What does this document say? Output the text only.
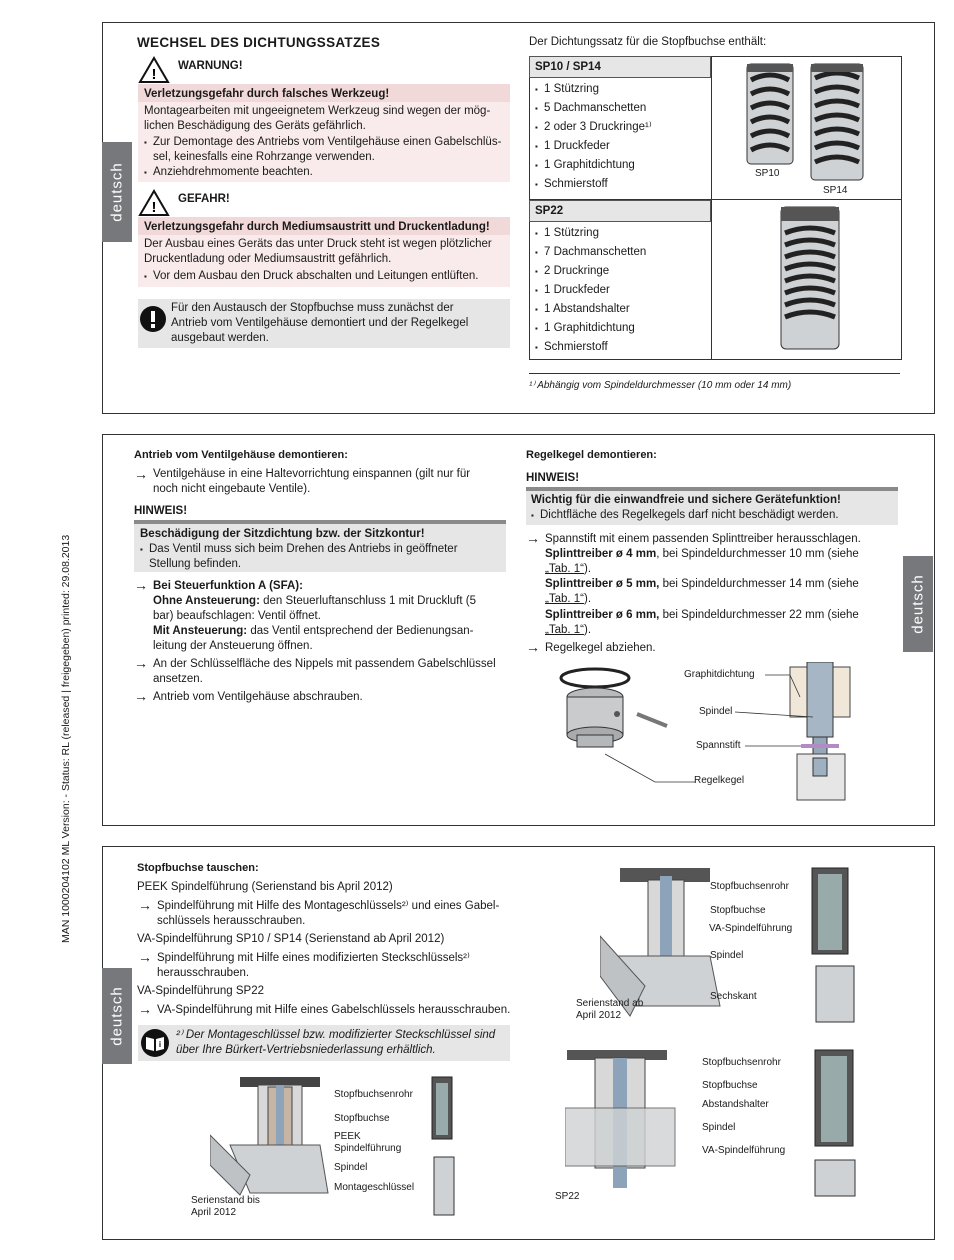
MAN 1000204102 ML Version: - Status: RL (released | freigegeben) printed: 29.08.2013
deutsch
WECHSEL DES DICHTUNGSSATZES
! WARNUNG!
Verletzungsgefahr durch falsches Werkzeug!
Montagearbeiten mit ungeeignetem Werkzeug sind wegen der möglichen Beschädigung des Geräts gefährlich.
▪ Zur Demontage des Antriebs vom Ventilgehäuse einen Gabelschlüssel, keinesfalls eine Rohrzange verwenden.
▪ Anziehdrehmomente beachten.
! GEFAHR!
Verletzungsgefahr durch Mediumsaustritt und Druckentladung!
Der Ausbau eines Geräts das unter Druck steht ist wegen plötzlicher Druckentladung oder Mediumsaustritt gefährlich.
▪ Vor dem Ausbau den Druck abschalten und Leitungen entlüften.
Für den Austausch der Stopfbuchse muss zunächst der Antrieb vom Ventilgehäuse demontiert und der Regelkegel ausgebaut werden.
Der Dichtungssatz für die Stopfbuchse enthält:
SP10 / SP14
▪ 1 Stützring
▪ 5 Dachmanschetten
▪ 2 oder 3 Druckringe¹⁾
▪ 1 Druckfeder
▪ 1 Graphitdichtung
▪ Schmierstoff
SP10
SP14
SP22
▪ 1 Stützring
▪ 7 Dachmanschetten
▪ 2 Druckringe
▪ 1 Druckfeder
▪ 1 Abstandshalter
▪ 1 Graphitdichtung
▪ Schmierstoff
¹⁾ Abhängig vom Spindeldurchmesser (10 mm oder 14 mm)
deutsch
Antrieb vom Ventilgehäuse demontieren:
→ Ventilgehäuse in eine Haltevorrichtung einspannen (gilt nur für noch nicht eingebaute Ventile).
HINWEIS!
Beschädigung der Sitzdichtung bzw. der Sitzkontur!
▪ Das Ventil muss sich beim Drehen des Antriebs in geöffneter Stellung befinden.
→ Bei Steuerfunktion A (SFA):
Ohne Ansteuerung: den Steuerluftanschluss 1 mit Druckluft (5 bar) beaufschlagen: Ventil öffnet.
Mit Ansteuerung: das Ventil entsprechend der Bedienungsanleitung der Ansteuerung öffnen.
→ An der Schlüsselfläche des Nippels mit passendem Gabelschlüssel ansetzen.
→ Antrieb vom Ventilgehäuse abschrauben.
Regelkegel demontieren:
HINWEIS!
Wichtig für die einwandfreie und sichere Gerätefunktion!
▪ Dichtfläche des Regelkegels darf nicht beschädigt werden.
→ Spannstift mit einem passenden Splinttreiber herausschlagen.
Splinttreiber ø 4 mm, bei Spindeldurchmesser 10 mm (siehe
„Tab. 1“).
Splinttreiber ø 5 mm, bei Spindeldurchmesser 14 mm (siehe
„Tab. 1“).
Splinttreiber ø 6 mm, bei Spindeldurchmesser 22 mm (siehe
„Tab. 1“).
→ Regelkegel abziehen.
Graphitdichtung
Spindel
Spannstift
Regelkegel
deutsch
Stopfbuchse tauschen:
PEEK Spindelführung (Serienstand bis April 2012)
→ Spindelführung mit Hilfe des Montageschlüssels²⁾ und eines Gabelschlüssels herausschrauben.
VA-Spindelführung SP10 / SP14 (Serienstand ab April 2012)
→ Spindelführung mit Hilfe eines modifizierten Steckschlüssels²⁾ herausschrauben.
VA-Spindelführung SP22
→ VA-Spindelführung mit Hilfe eines Gabelschlüssels herausschrauben.
i
²⁾ Der Montageschlüssel bzw. modifizierter Steckschlüssel sind über Ihre Bürkert-Vertriebsniederlassung erhältlich.
Stopfbuchsenrohr
Stopfbuchse
PEEK Spindelführung
Spindel
Montageschlüssel
Serienstand bis April 2012
Stopfbuchsenrohr
Stopfbuchse
VA-Spindelführung
Spindel
Sechskant
Serienstand ab April 2012
Stopfbuchsenrohr
Stopfbuchse
Abstandshalter
Spindel
VA-Spindelführung
SP22
